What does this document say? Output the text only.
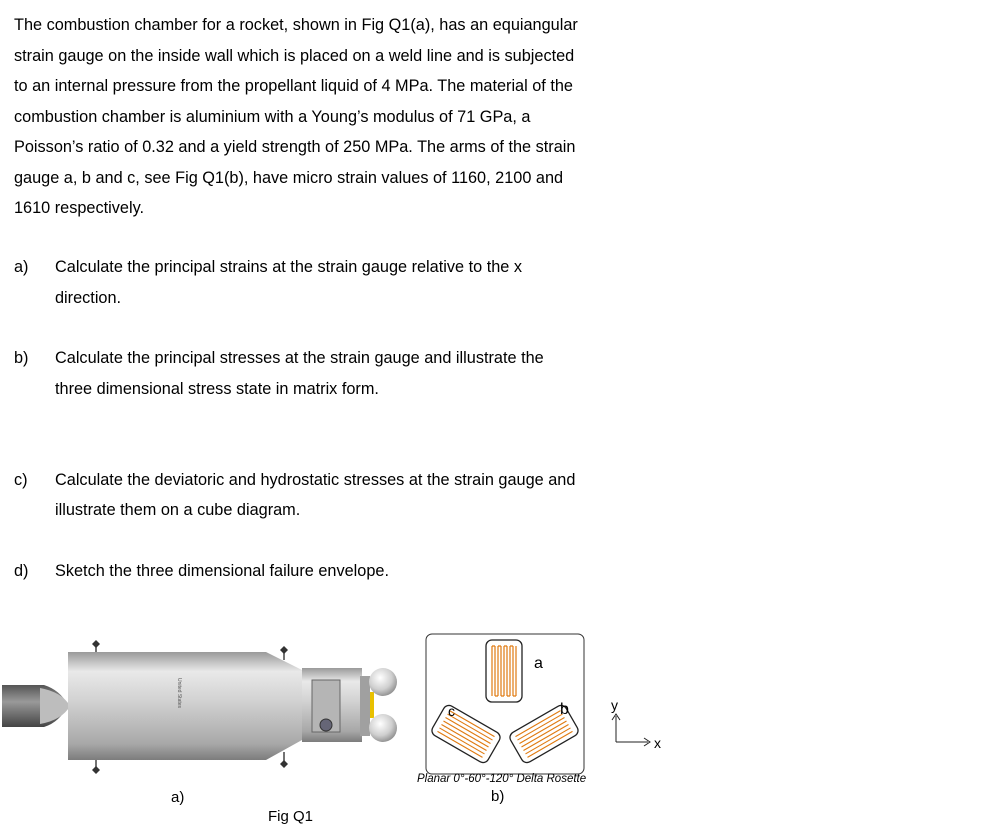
The combustion chamber for a rocket, shown in Fig Q1(a), has an equiangular
strain gauge on the inside wall which is placed on a weld line and is subjected
to an internal pressure from the propellant liquid of 4 MPa. The material of the
combustion chamber is aluminium with a Young’s modulus of 71 GPa, a
Poisson’s ratio of 0.32 and a yield strength of 250 MPa. The arms of the strain
gauge a, b and c, see Fig Q1(b), have micro strain values of 1160, 2100 and
1610 respectively.
a) Calculate the principal strains at the strain gauge relative to the x
direction.
b) Calculate the principal stresses at the strain gauge and illustrate the
three dimensional stress state in matrix form.
c) Calculate the deviatoric and hydrostatic stresses at the strain gauge and
illustrate them on a cube diagram.
d) Sketch the three dimensional failure envelope.
United States
a
b
c	y
x
Planar 0°-60°-120° Delta Rosette
b)
a)
Fig Q1
